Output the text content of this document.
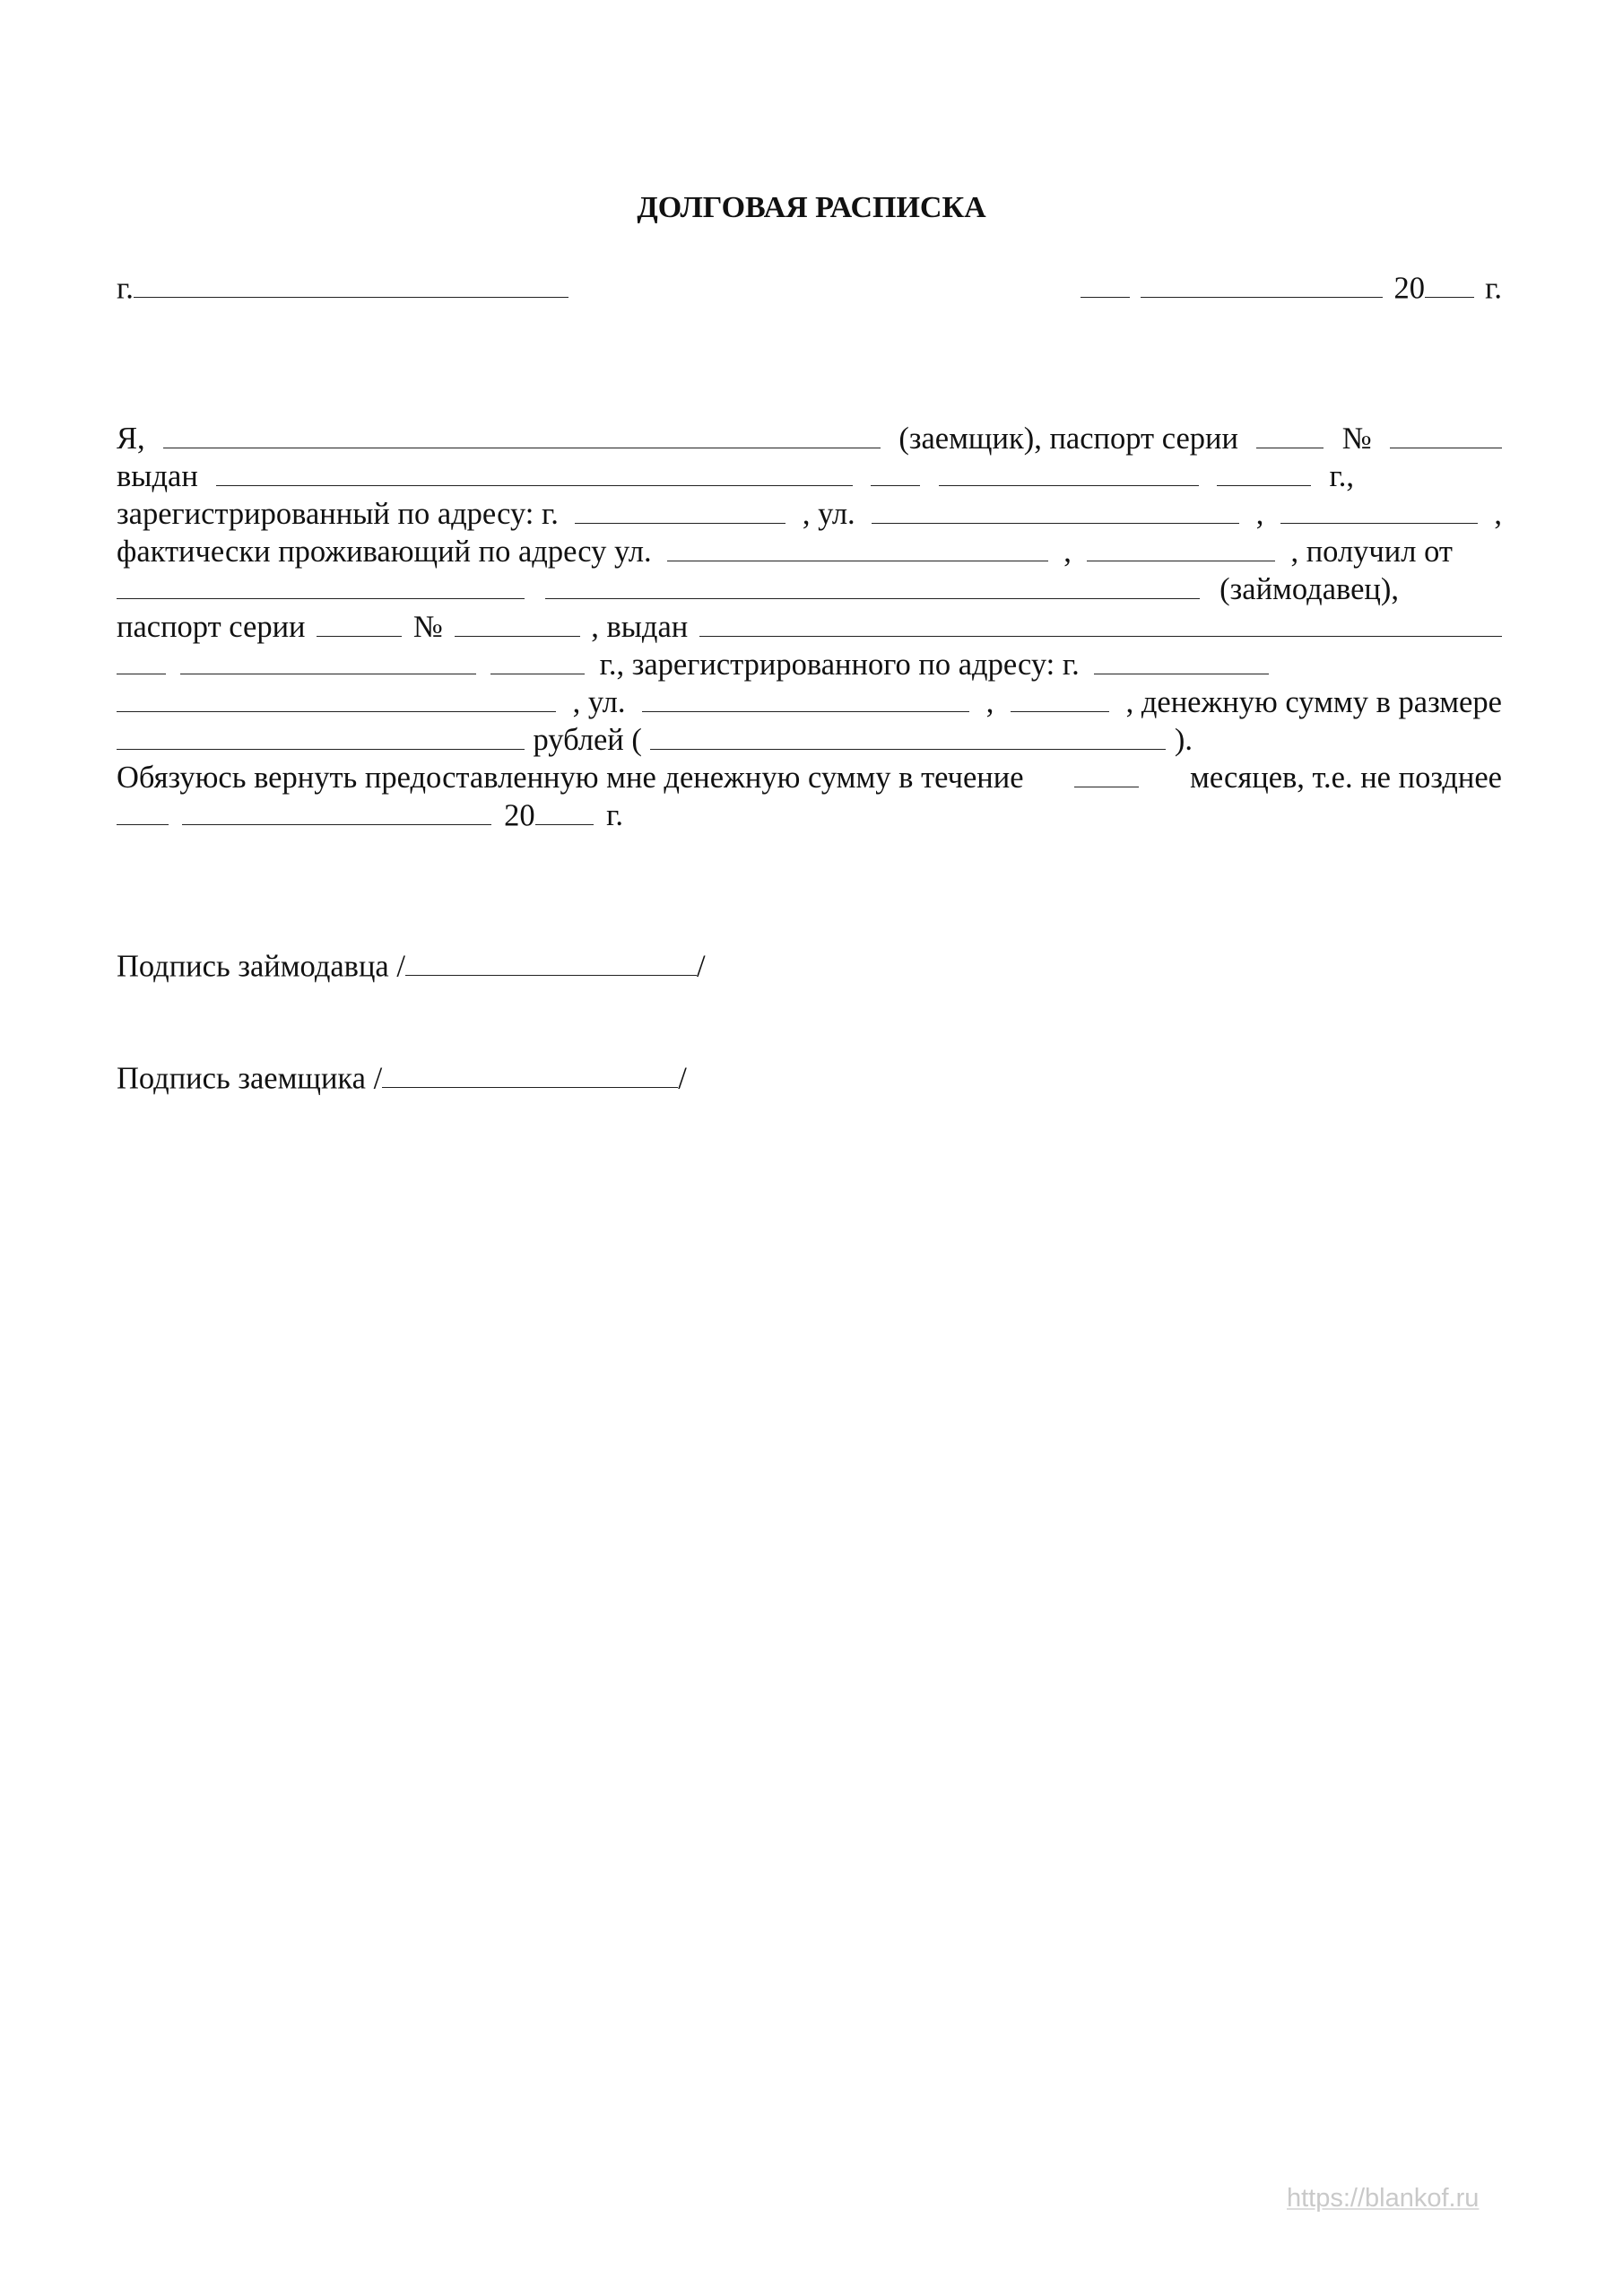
ДОЛГОВАЯ РАСПИСКА
г.	20 г.
Я,	(заемщик), паспорт серии	№
выдан	г.,
зарегистрированный по адресу: г.	, ул.	,	,
фактически проживающий по адресу ул.	,	, получил от
(займодавец),
паспорт серии	№	, выдан
г., зарегистрированного по адресу: г.
, ул.	,	, денежную сумму в размере
рублей (	).
Обязуюсь вернуть предоставленную мне денежную сумму в течение	месяцев, т.е. не позднее
20	г.
Подпись займодавца /	/
Подпись заемщика /	/
https://blankof.ru
